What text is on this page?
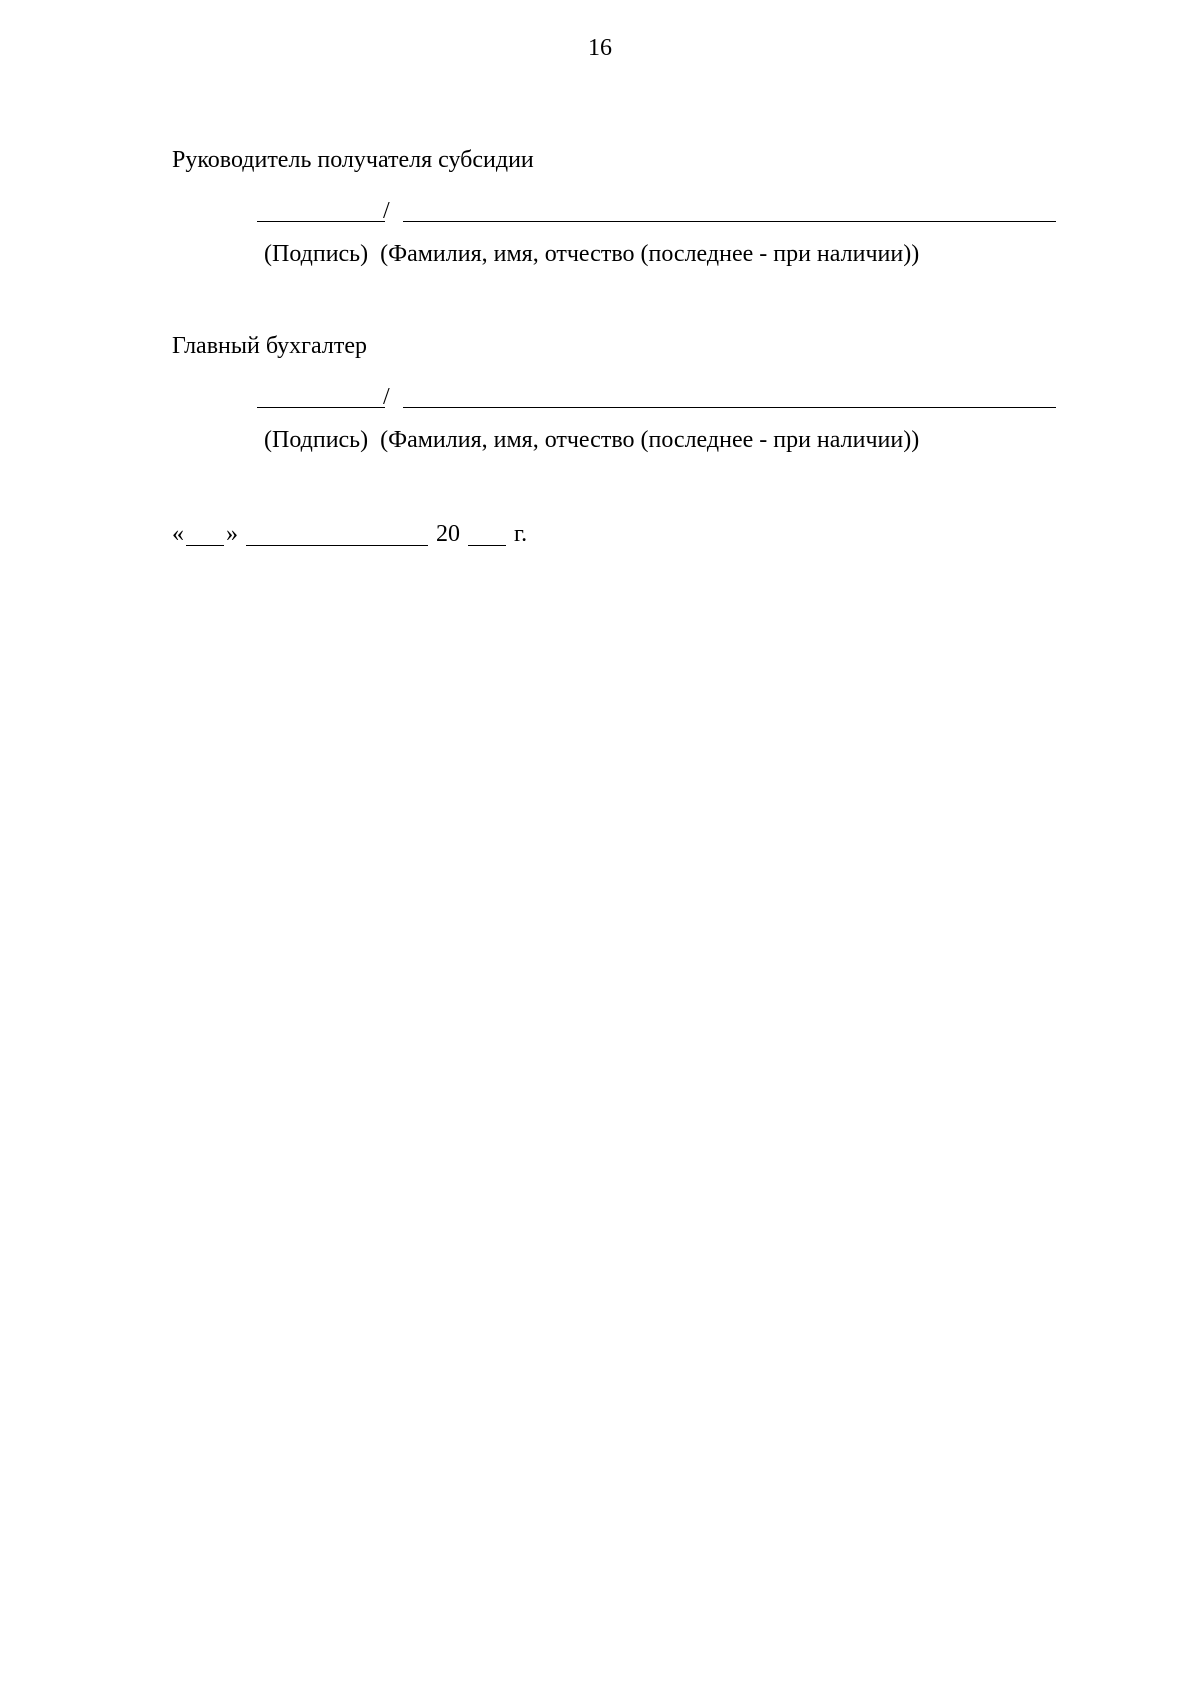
16
Руководитель получателя субсидии
/
(Подпись)  (Фамилия, имя, отчество (последнее - при наличии))
Главный бухгалтер
/
(Подпись)  (Фамилия, имя, отчество (последнее - при наличии))
« »	20 г.
